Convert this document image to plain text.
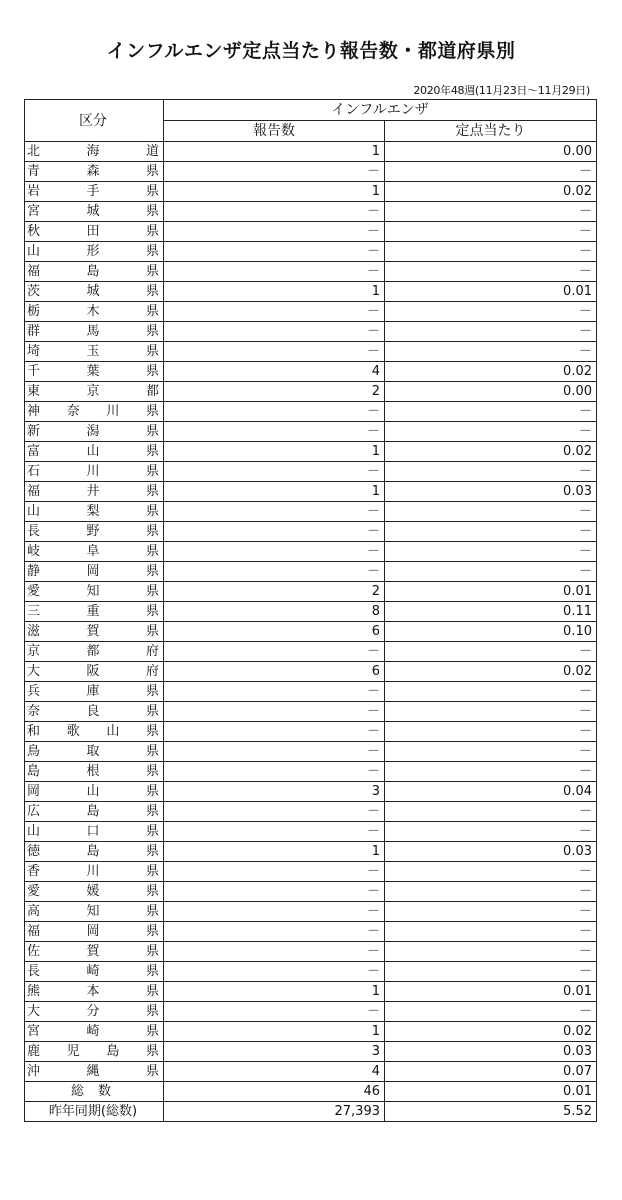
インフルエンザ定点当たり報告数・都道府県別
2020年48週(11月23日～11月29日)
区分	インフルエンザ	
	報告数	定点当たり

北 海 道	1	0.00

青 森 県	－	－

岩 手 県	1	0.02

宮 城 県	－	－

秋 田 県	－	－

山 形 県	－	－

福 島 県	－	－

茨 城 県	1	0.01

栃 木 県	－	－

群 馬 県	－	－

埼 玉 県	－	－

千 葉 県	4	0.02

東 京 都	2	0.00

神 奈 川 県	－	－

新 潟 県	－	－

富 山 県	1	0.02

石 川 県	－	－

福 井 県	1	0.03

山 梨 県	－	－

長 野 県	－	－

岐 阜 県	－	－

静 岡 県	－	－

愛 知 県	2	0.01

三 重 県	8	0.11

滋 賀 県	6	0.10

京 都 府	－	－

大 阪 府	6	0.02

兵 庫 県	－	－

奈 良 県	－	－

和 歌 山 県	－	－

鳥 取 県	－	－

島 根 県	－	－

岡 山 県	3	0.04

広 島 県	－	－

山 口 県	－	－

徳 島 県	1	0.03

香 川 県	－	－

愛 媛 県	－	－

高 知 県	－	－

福 岡 県	－	－

佐 賀 県	－	－

長 崎 県	－	－

熊 本 県	1	0.01

大 分 県	－	－

宮 崎 県	1	0.02

鹿 児 島 県	3	0.03

沖 縄 県	4	0.07

総数	46	0.01
昨年同期(総数)	27,393	5.52
